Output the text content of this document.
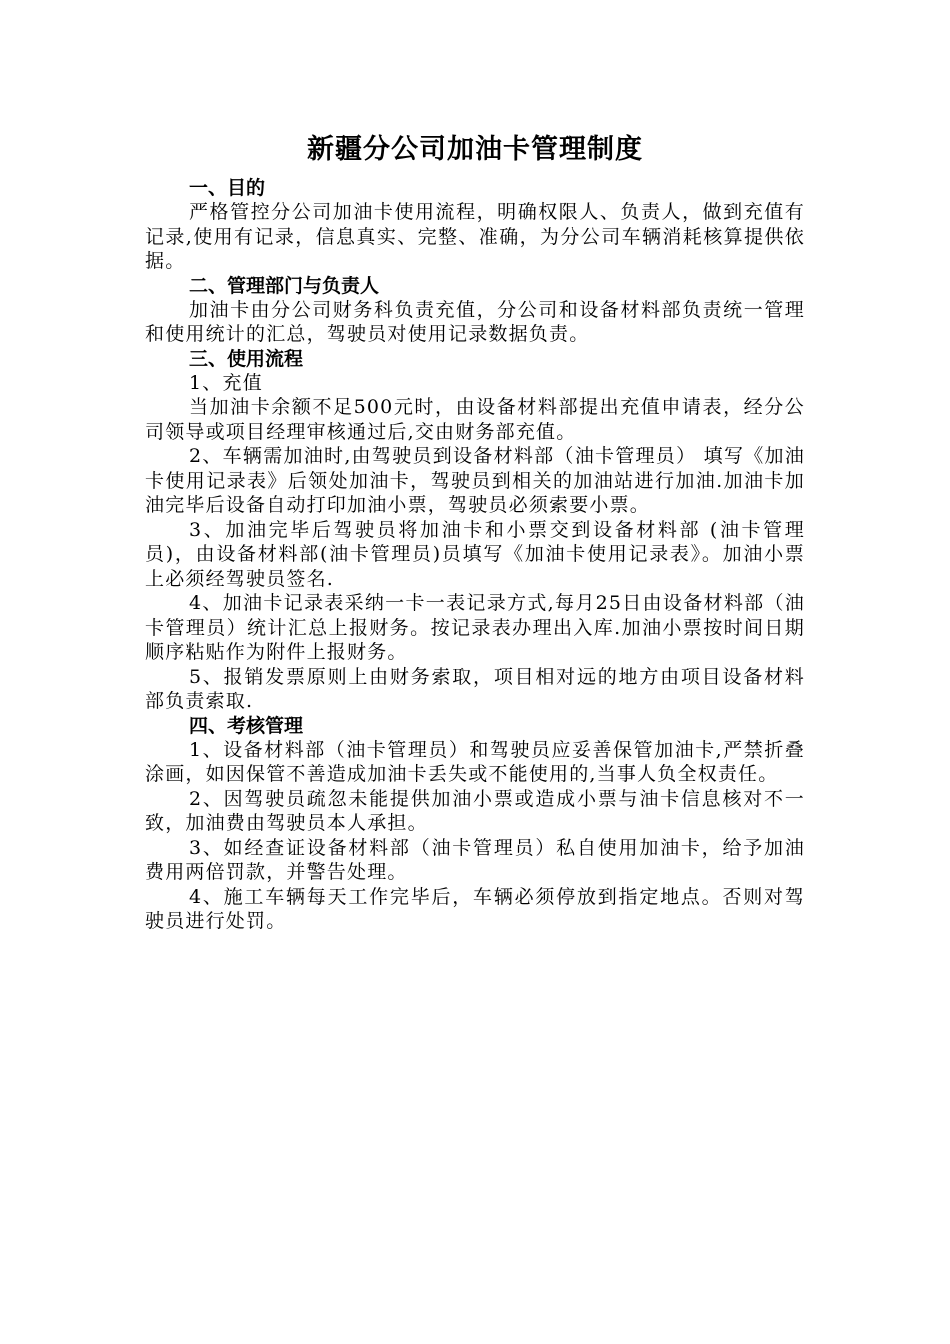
新疆分公司加油卡管理制度
一、目的

严格管控分公司加油卡使用流程，明确权限人、负责人，做到充值有记录,使用有记录，信息真实、完整、准确，为分公司车辆消耗核算提供依据。

二、管理部门与负责人

加油卡由分公司财务科负责充值，分公司和设备材料部负责统一管理和使用统计的汇总，驾驶员对使用记录数据负责。

三、使用流程

1、充值

当加油卡余额不足500元时，由设备材料部提出充值申请表，经分公司领导或项目经理审核通过后,交由财务部充值。

2、车辆需加油时,由驾驶员到设备材料部（油卡管理员） 填写《加油卡使用记录表》后领处加油卡，驾驶员到相关的加油站进行加油.加油卡加油完毕后设备自动打印加油小票，驾驶员必须索要小票。

3、加油完毕后驾驶员将加油卡和小票交到设备材料部 (油卡管理员)，由设备材料部(油卡管理员)员填写《加油卡使用记录表》。加油小票上必须经驾驶员签名.

4、加油卡记录表采纳一卡一表记录方式,每月25日由设备材料部（油卡管理员）统计汇总上报财务。按记录表办理出入库.加油小票按时间日期顺序粘贴作为附件上报财务。

5、报销发票原则上由财务索取，项目相对远的地方由项目设备材料部负责索取.

四、考核管理

1、设备材料部（油卡管理员）和驾驶员应妥善保管加油卡,严禁折叠涂画，如因保管不善造成加油卡丢失或不能使用的,当事人负全权责任。

2、因驾驶员疏忽未能提供加油小票或造成小票与油卡信息核对不一致，加油费由驾驶员本人承担。

3、如经查证设备材料部（油卡管理员）私自使用加油卡，给予加油费用两倍罚款，并警告处理。

4、施工车辆每天工作完毕后，车辆必须停放到指定地点。否则对驾驶员进行处罚。
